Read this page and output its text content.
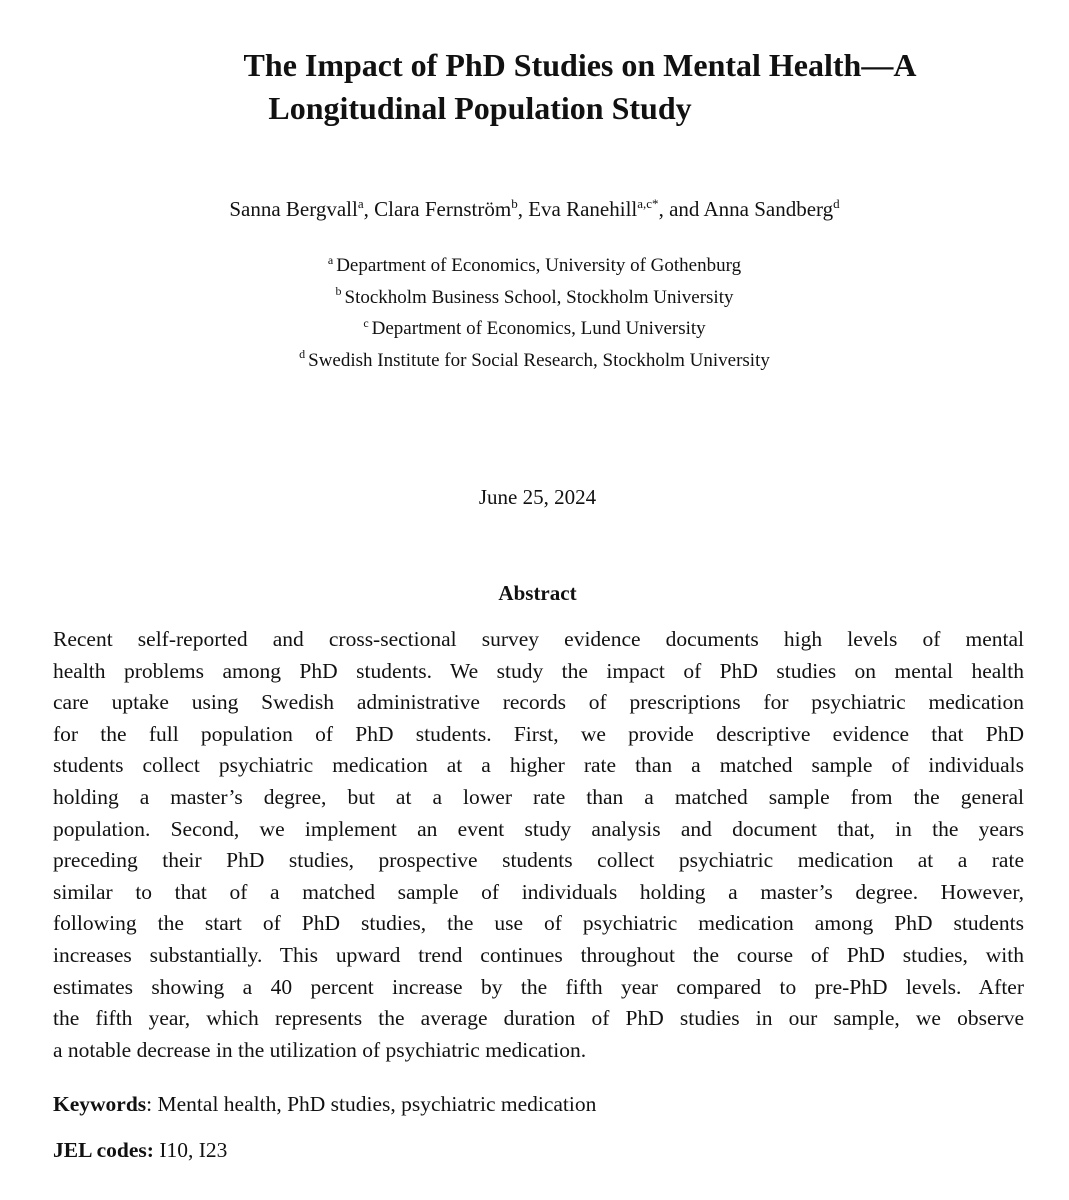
The Impact of PhD Studies on Mental Health—A
Longitudinal Population Study
Sanna Bergvall$^a$, Clara Fernström$^b$, Eva Ranehill$^{a,c*}$, and Anna Sandberg$^d$
$^a$ Department of Economics, University of Gothenburg
$^b$ Stockholm Business School, Stockholm University
$^c$ Department of Economics, Lund University
$^d$ Swedish Institute for Social Research, Stockholm University
June 25, 2024
Abstract
Recent self-reported and cross-sectional survey evidence documents high levels of mental
health problems among PhD students. We study the impact of PhD studies on mental health
care uptake using Swedish administrative records of prescriptions for psychiatric medication
for the full population of PhD students. First, we provide descriptive evidence that PhD
students collect psychiatric medication at a higher rate than a matched sample of individuals
holding a master’s degree, but at a lower rate than a matched sample from the general
population. Second, we implement an event study analysis and document that, in the years
preceding their PhD studies, prospective students collect psychiatric medication at a rate
similar to that of a matched sample of individuals holding a master’s degree. However,
following the start of PhD studies, the use of psychiatric medication among PhD students
increases substantially. This upward trend continues throughout the course of PhD studies, with
estimates showing a 40 percent increase by the fifth year compared to pre-PhD levels. After
the fifth year, which represents the average duration of PhD studies in our sample, we observe
a notable decrease in the utilization of psychiatric medication.
Keywords: Mental health, PhD studies, psychiatric medication
JEL codes: I10, I23
